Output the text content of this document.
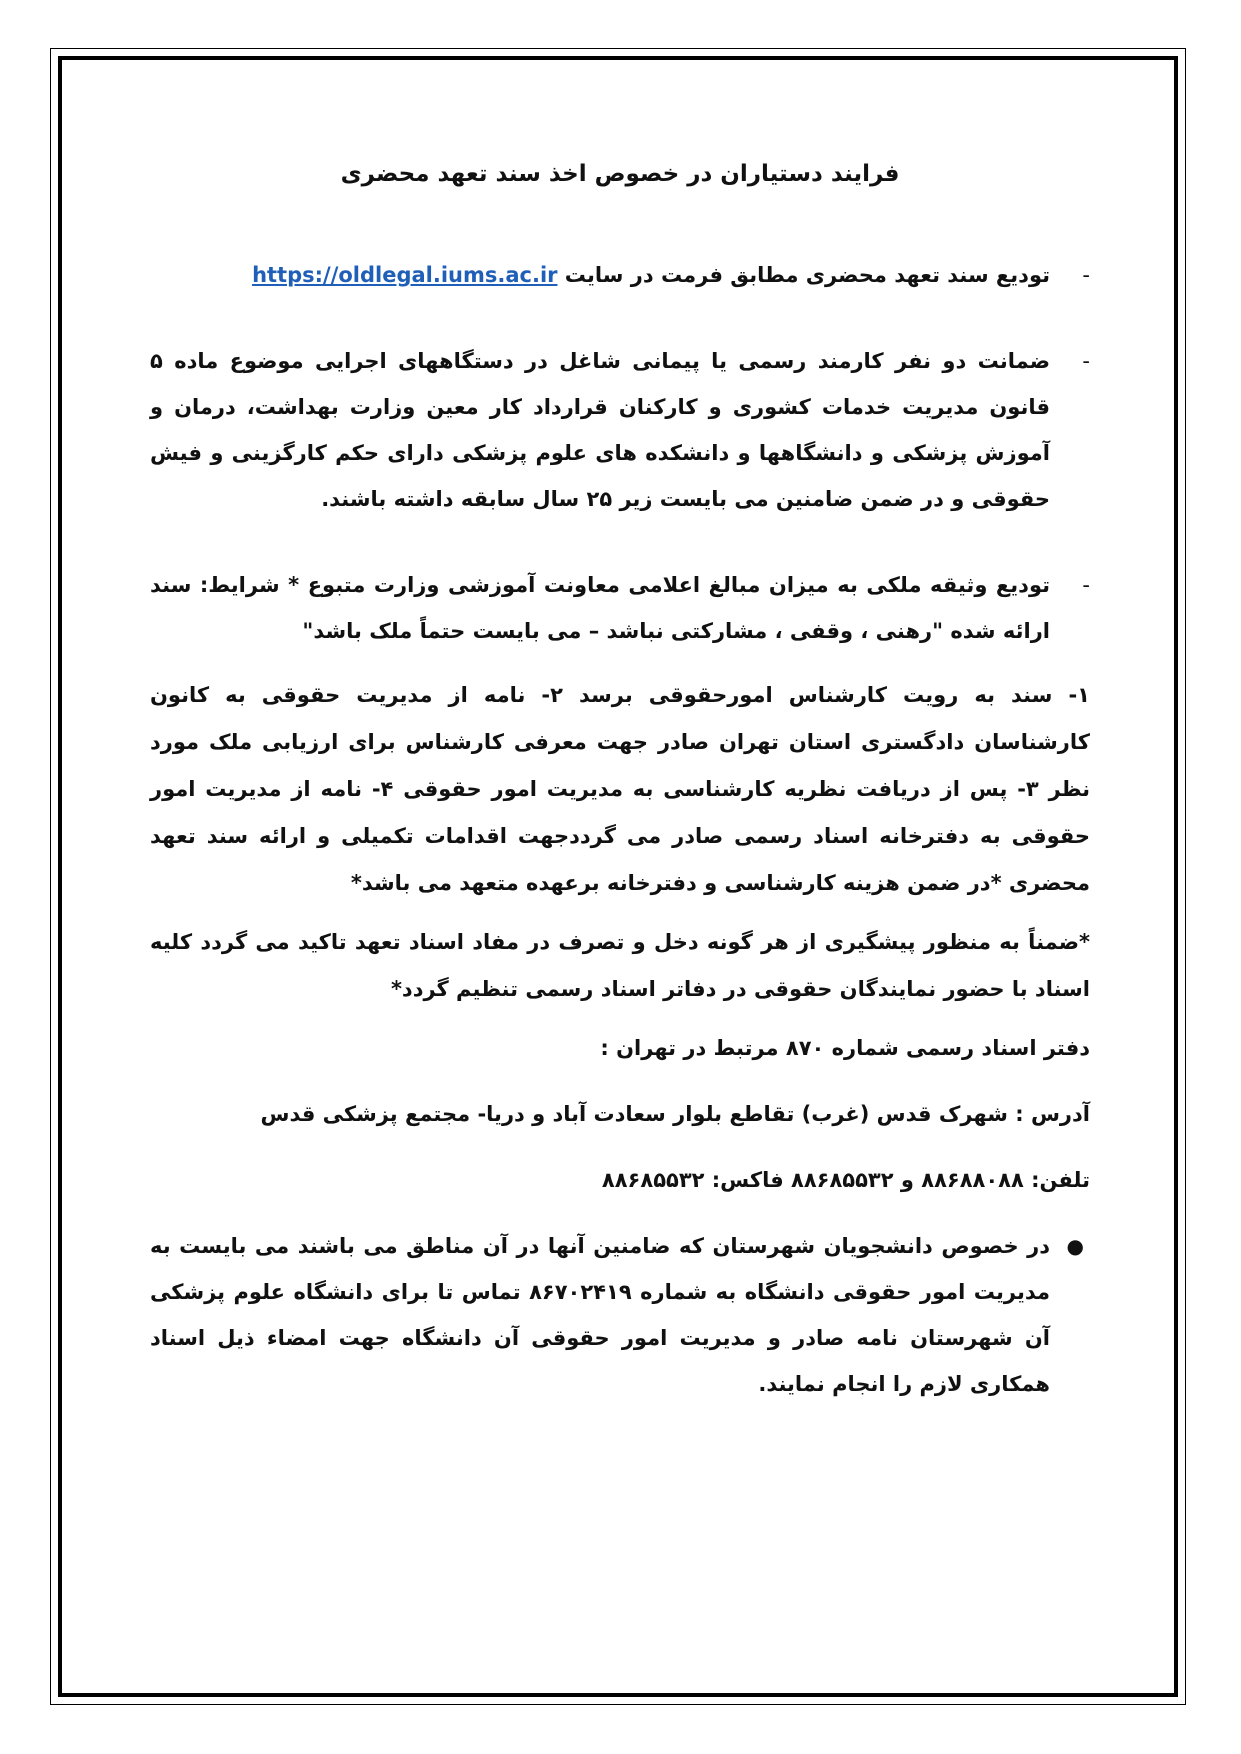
فرایند دستیاران در خصوص اخذ سند تعهد محضری
-
تودیع سند تعهد محضری مطابق فرمت در سایت https://oldlegal.iums.ac.ir
-
ضمانت دو نفر کارمند رسمی یا پیمانی شاغل در دستگاههای اجرایی موضوع ماده ۵ قانون مدیریت خدمات کشوری و کارکنان قرارداد کار معین وزارت بهداشت، درمان و آموزش پزشکی و دانشگاهها و دانشکده های علوم پزشکی دارای حکم کارگزینی و فیش حقوقی و در ضمن ضامنین می بایست زیر ۲۵ سال سابقه داشته باشند.
-
تودیع وثیقه ملکی به میزان مبالغ اعلامی معاونت آموزشی وزارت متبوع * شرایط: سند ارائه شده "رهنی ، وقفی ، مشارکتی نباشد – می بایست حتماً ملک باشد"
۱- سند به رویت کارشناس امورحقوقی برسد ۲- نامه از مدیریت حقوقی به کانون کارشناسان دادگستری استان تهران صادر جهت معرفی کارشناس برای ارزیابی ملک مورد نظر ۳- پس از دریافت نظریه کارشناسی به مدیریت امور حقوقی ۴- نامه از مدیریت امور حقوقی به دفترخانه اسناد رسمی صادر می گرددجهت اقدامات تکمیلی و ارائه سند تعهد محضری *در ضمن هزینه کارشناسی و دفترخانه برعهده متعهد می باشد*
*ضمناً به منظور پیشگیری از هر گونه دخل و تصرف در مفاد اسناد تعهد تاکید می گردد کلیه اسناد با حضور نمایندگان حقوقی در دفاتر اسناد رسمی تنظیم گردد*
دفتر اسناد رسمی شماره ۸۷۰ مرتبط در تهران :
آدرس : شهرک قدس (غرب) تقاطع بلوار سعادت آباد و دریا- مجتمع پزشکی قدس
تلفن: ۸۸۶۸۸۰۸۸ و ۸۸۶۸۵۵۳۲ فاکس: ۸۸۶۸۵۵۳۲
●
در خصوص دانشجویان شهرستان که ضامنین آنها در آن مناطق می باشند می بایست به مدیریت امور حقوقی دانشگاه به شماره ۸۶۷۰۲۴۱۹ تماس تا برای دانشگاه علوم پزشکی آن شهرستان نامه صادر و مدیریت امور حقوقی آن دانشگاه جهت امضاء ذیل اسناد همکاری لازم را انجام نمایند.
